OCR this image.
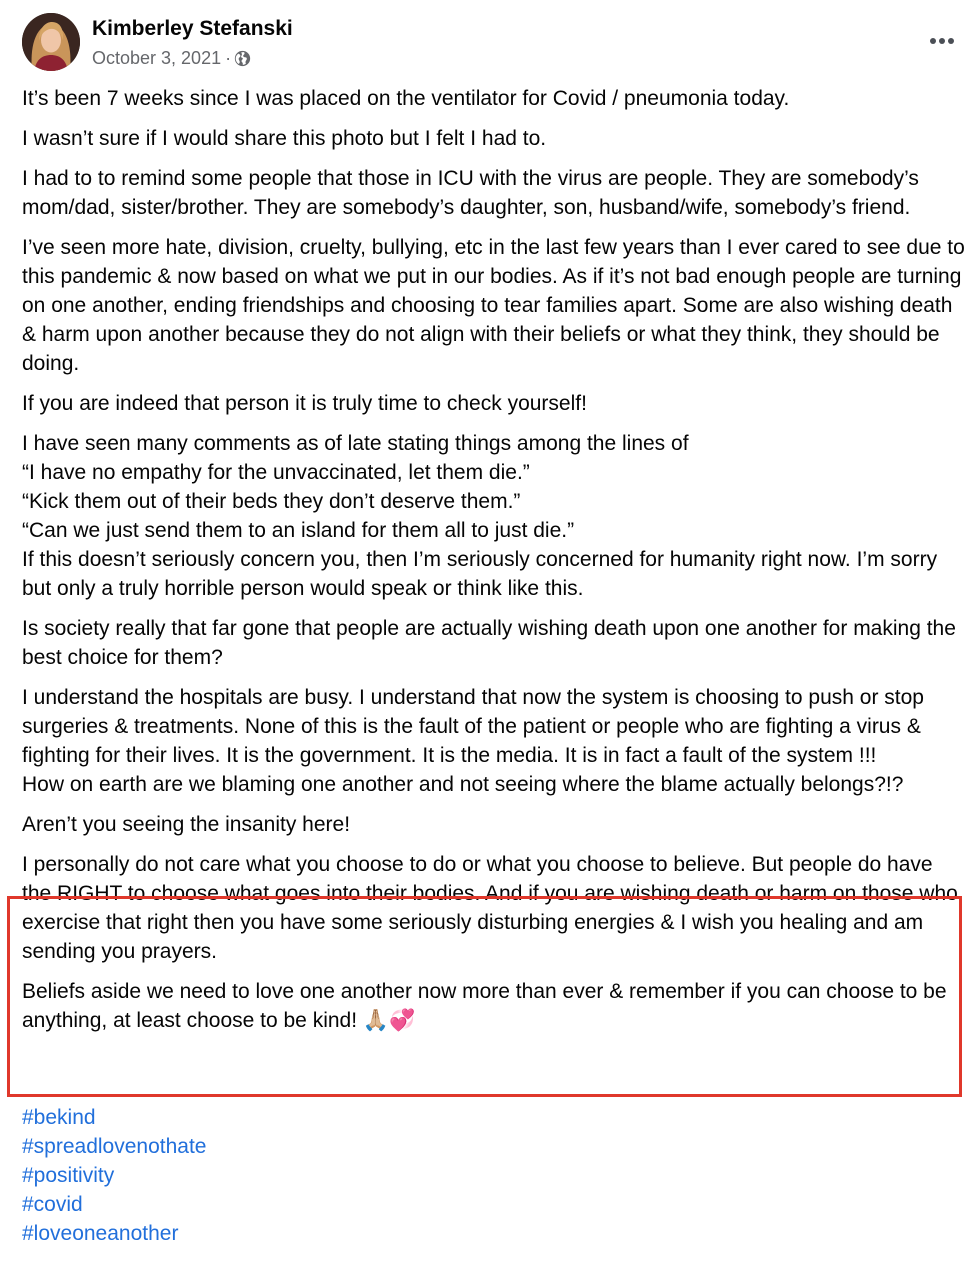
Kimberley Stefanski
October 3, 2021 ·

It’s been 7 weeks since I was placed on the ventilator for Covid / pneumonia today.

I wasn’t sure if I would share this photo but I felt I had to.

I had to to remind some people that those in ICU with the virus are people. They are somebody’s mom/dad, sister/brother. They are somebody’s daughter, son, husband/wife, somebody’s friend.

I’ve seen more hate, division, cruelty, bullying, etc in the last few years than I ever cared to see due to this pandemic & now based on what we put in our bodies. As if it’s not bad enough people are turning on one another, ending friendships and choosing to tear families apart. Some are also wishing death & harm upon another because they do not align with their beliefs or what they think, they should be doing.

If you are indeed that person it is truly time to check yourself!

I have seen many comments as of late stating things among the lines of
“I have no empathy for the unvaccinated, let them die.”
“Kick them out of their beds they don’t deserve them.”
“Can we just send them to an island for them all to just die.”
If this doesn’t seriously concern you, then I’m seriously concerned for humanity right now. I’m sorry but only a truly horrible person would speak or think like this.

Is society really that far gone that people are actually wishing death upon one another for making the best choice for them?

I understand the hospitals are busy. I understand that now the system is choosing to push or stop surgeries & treatments. None of this is the fault of the patient or people who are fighting a virus & fighting for their lives. It is the government. It is the media. It is in fact a fault of the system !!!
How on earth are we blaming one another and not seeing where the blame actually belongs?!?

Aren’t you seeing the insanity here!

I personally do not care what you choose to do or what you choose to believe. But people do have the RIGHT to choose what goes into their bodies. And if you are wishing death or harm on those who exercise that right then you have some seriously disturbing energies & I wish you healing and am sending you prayers.

Beliefs aside we need to love one another now more than ever & remember if you can choose to be anything, at least choose to be kind! 🙏🏼💞

#bekind
#spreadlovenothate
#positivity
#covid
#loveoneanother
